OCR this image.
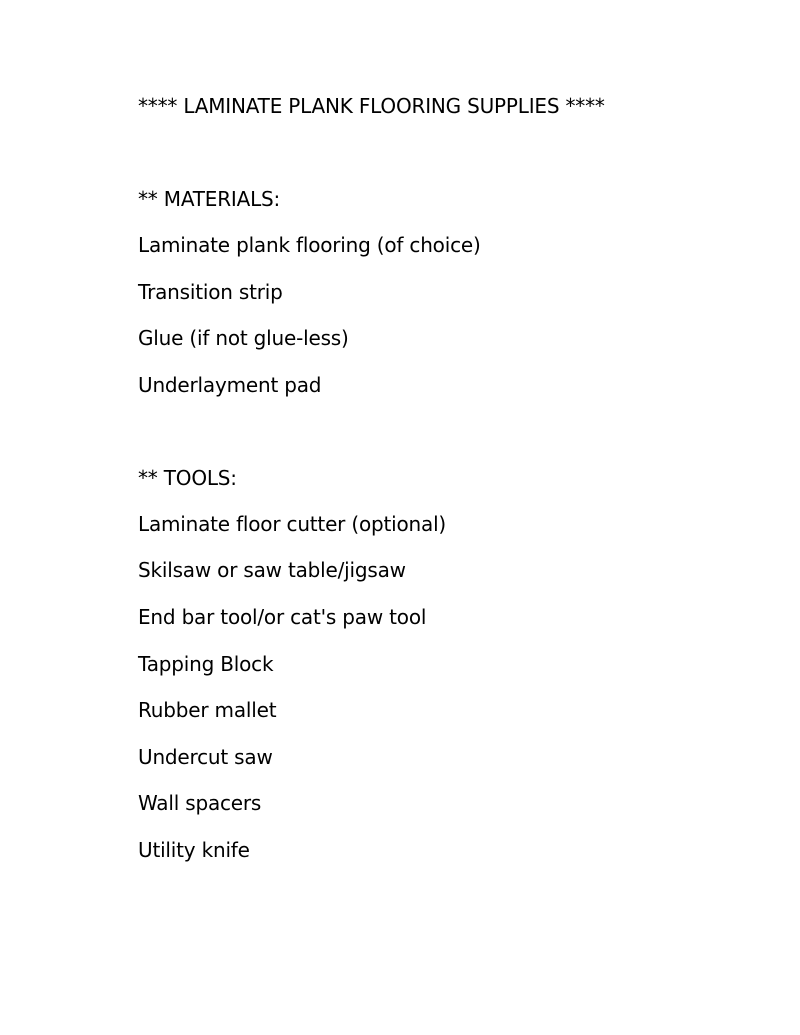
**** LAMINATE PLANK FLOORING SUPPLIES ****
** MATERIALS:
Laminate plank flooring (of choice)
Transition strip
Glue (if not glue-less)
Underlayment pad
** TOOLS:
Laminate floor cutter (optional)
Skilsaw or saw table/jigsaw
End bar tool/or cat's paw tool
Tapping Block
Rubber mallet
Undercut saw
Wall spacers
Utility knife
